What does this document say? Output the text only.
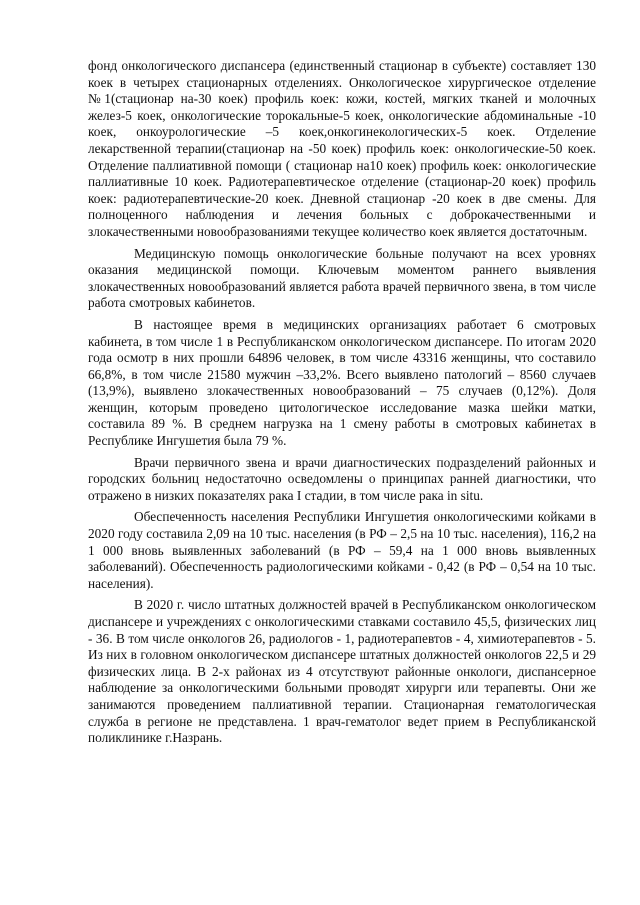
фонд онкологического диспансера (единственный стационар в субъекте) составляет 130 коек в четырех стационарных отделениях. Онкологическое хирургическое отделение №1(стационар на-30 коек) профиль коек: кожи, костей, мягких тканей и молочных желез-5 коек, онкологические торокальные-5 коек, онкологические абдоминальные -10 коек, онкоурологические –5 коек,онкогинекологических-5 коек. Отделение лекарственной терапии(стационар на -50 коек) профиль коек: онкологические-50 коек. Отделение паллиативной помощи ( стационар на10 коек) профиль коек: онкологические паллиативные 10 коек. Радиотерапевтическое отделение (стационар-20 коек) профиль коек: радиотерапевтические-20 коек. Дневной стационар -20 коек в две смены. Для полноценного наблюдения и лечения больных с доброкачественными и злокачественными новообразованиями текущее количество коек является достаточным.

Медицинскую помощь онкологические больные получают на всех уровнях оказания медицинской помощи. Ключевым моментом раннего выявления злокачественных новообразований является работа врачей первичного звена, в том числе работа смотровых кабинетов.

В настоящее время в медицинских организациях работает 6 смотровых кабинета, в том числе 1 в Республиканском онкологическом диспансере. По итогам 2020 года осмотр в них прошли 64896 человек, в том числе 43316 женщины, что составило 66,8%, в том числе 21580 мужчин –33,2%. Всего выявлено патологий – 8560 случаев (13,9%), выявлено злокачественных новообразований – 75 случаев (0,12%). Доля женщин, которым проведено цитологическое исследование мазка шейки матки, составила 89 %. В среднем нагрузка на 1 смену работы в смотровых кабинетах в Республике Ингушетия была 79 %.

Врачи первичного звена и врачи диагностических подразделений районных и городских больниц недостаточно осведомлены о принципах ранней диагностики, что отражено в низких показателях рака I стадии, в том числе рака in situ.

Обеспеченность населения Республики Ингушетия онкологическими койками в 2020 году составила 2,09 на 10 тыс. населения (в РФ – 2,5 на 10 тыс. населения), 116,2 на 1 000 вновь выявленных заболеваний (в РФ – 59,4 на 1 000 вновь выявленных заболеваний). Обеспеченность радиологическими койками - 0,42 (в РФ – 0,54 на 10 тыс. населения).

В 2020 г. число штатных должностей врачей в Республиканском онкологическом диспансере и учреждениях с онкологическими ставками составило 45,5, физических лиц - 36. В том числе онкологов 26, радиологов - 1, радиотерапевтов - 4, химиотерапевтов - 5. Из них в головном онкологическом диспансере штатных должностей онкологов 22,5 и 29 физических лица. В 2-х районах из 4 отсутствуют районные онкологи, диспансерное наблюдение за онкологическими больными проводят хирурги или терапевты. Они же занимаются проведением паллиативной терапии. Стационарная гематологическая служба в регионе не представлена. 1 врач-гематолог ведет прием в Республиканской поликлинике г.Назрань.
